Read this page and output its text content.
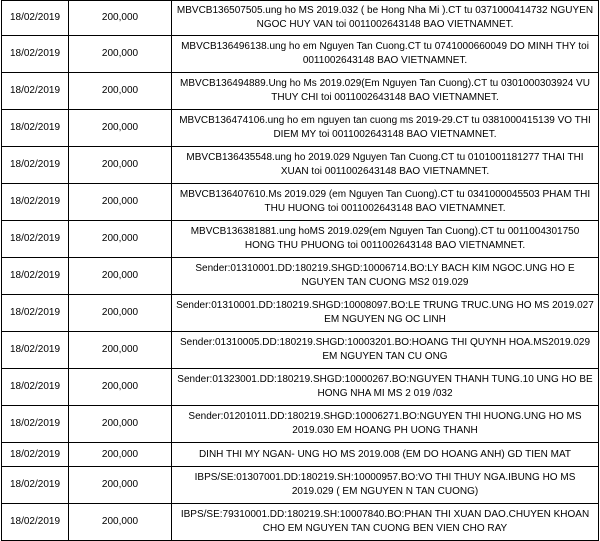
18/02/2019	200,000	MBVCB136507505.ung ho MS 2019.032 ( be Hong Nha Mi ).CT tu 0371000414732 NGUYEN NGOC HUY VAN toi 0011002643148 BAO VIETNAMNET.
18/02/2019	200,000	MBVCB136496138.ung ho em Nguyen Tan Cuong.CT tu 0741000660049 DO MINH THY toi 0011002643148 BAO VIETNAMNET.
18/02/2019	200,000	MBVCB136494889.Ung ho Ms 2019.029(Em Nguyen Tan Cuong).CT tu 0301000303924 VU THUY CHI toi 0011002643148 BAO VIETNAMNET.
18/02/2019	200,000	MBVCB136474106.ung ho em nguyen tan cuong ms 2019-29.CT tu 0381000415139 VO THI DIEM MY toi 0011002643148 BAO VIETNAMNET.
18/02/2019	200,000	MBVCB136435548.ung ho 2019.029 Nguyen Tan Cuong.CT tu 0101001181277 THAI THI XUAN toi 0011002643148 BAO VIETNAMNET.
18/02/2019	200,000	MBVCB136407610.Ms 2019.029 (em Nguyen Tan Cuong).CT tu 0341000045503 PHAM THI THU HUONG toi 0011002643148 BAO VIETNAMNET.
18/02/2019	200,000	MBVCB136381881.ung hoMS 2019.029(em Nguyen Tan Cuong).CT tu 0011004301750 HONG THU PHUONG toi 0011002643148 BAO VIETNAMNET.
18/02/2019	200,000	Sender:01310001.DD:180219.SHGD:10006714.BO:LY BACH KIM NGOC.UNG HO E NGUYEN TAN CUONG MS2 019.029
18/02/2019	200,000	Sender:01310001.DD:180219.SHGD:10008097.BO:LE TRUNG TRUC.UNG HO MS 2019.027 EM NGUYEN NG OC LINH
18/02/2019	200,000	Sender:01310005.DD:180219.SHGD:10003201.BO:HOANG THI QUYNH HOA.MS2019.029 EM NGUYEN TAN CU ONG
18/02/2019	200,000	Sender:01323001.DD:180219.SHGD:10000267.BO:NGUYEN THANH TUNG.10 UNG HO BE HONG NHA MI MS 2 019 /032
18/02/2019	200,000	Sender:01201011.DD:180219.SHGD:10006271.BO:NGUYEN THI HUONG.UNG HO MS 2019.030 EM HOANG PH UONG THANH
18/02/2019	200,000	DINH THI MY NGAN- UNG HO MS 2019.008 (EM DO HOANG ANH) GD TIEN MAT
18/02/2019	200,000	IBPS/SE:01307001.DD:180219.SH:10000957.BO:VO THI THUY NGA.IBUNG HO MS 2019.029 ( EM NGUYEN N TAN CUONG)
18/02/2019	200,000	IBPS/SE:79310001.DD:180219.SH:10007840.BO:PHAN THI XUAN DAO.CHUYEN KHOAN CHO EM NGUYEN TAN CUONG BEN VIEN CHO RAY
